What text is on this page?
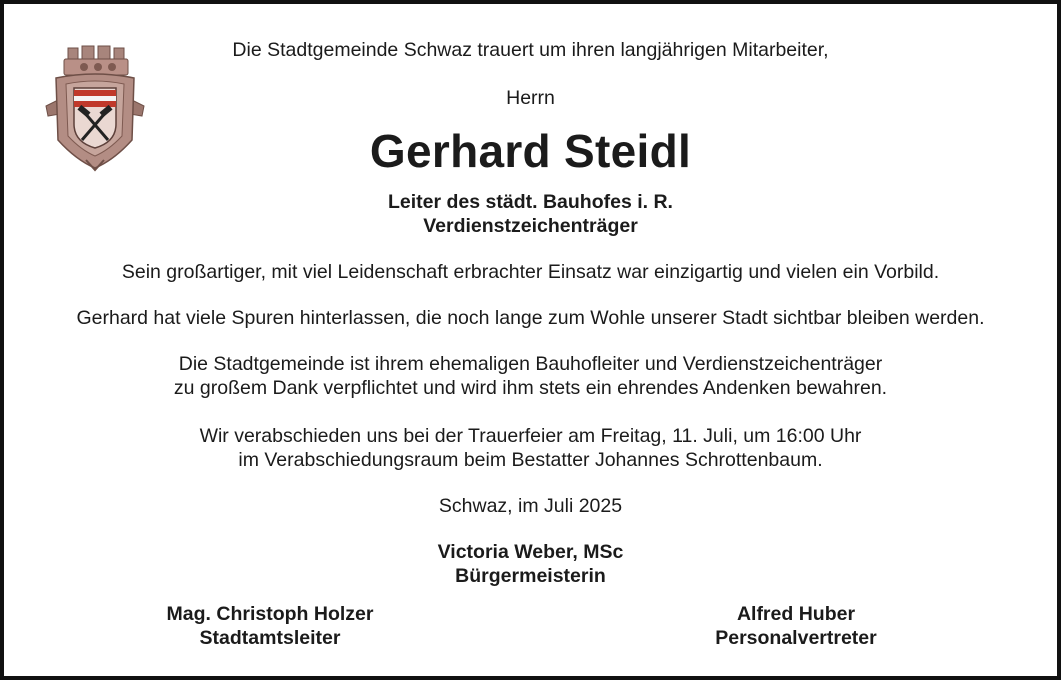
Die Stadtgemeinde Schwaz trauert um ihren langjährigen Mitarbeiter,
Herrn
Gerhard Steidl
Leiter des städt. Bauhofes i. R.
Verdienstzeichenträger
Sein großartiger, mit viel Leidenschaft erbrachter Einsatz war einzigartig und vielen ein Vorbild.
Gerhard hat viele Spuren hinterlassen, die noch lange zum Wohle unserer Stadt sichtbar bleiben werden.
Die Stadtgemeinde ist ihrem ehemaligen Bauhofleiter und Verdienstzeichenträger
zu großem Dank verpflichtet und wird ihm stets ein ehrendes Andenken bewahren.
Wir verabschieden uns bei der Trauerfeier am Freitag, 11. Juli, um 16:00 Uhr
im Verabschiedungsraum beim Bestatter Johannes Schrottenbaum.
Schwaz, im Juli 2025
Victoria Weber, MSc
Bürgermeisterin
Mag. Christoph Holzer
Stadtamtsleiter
Alfred Huber
Personalvertreter
